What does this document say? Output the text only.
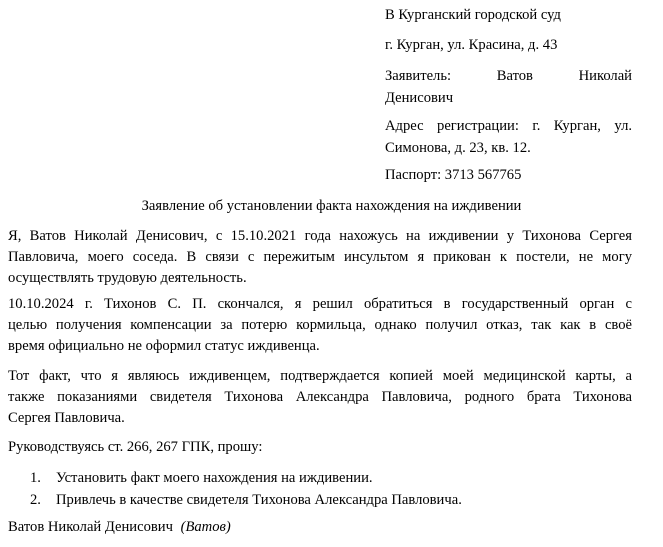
В Курганский городской суд
г. Курган, ул. Красина, д. 43
Заявитель:	Ватов	Николай
Денисович
Адрес регистрации: г. Курган, ул.
Симонова, д. 23, кв. 12.
Паспорт: 3713 567765
Заявление об установлении факта нахождения на иждивении
Я, Ватов Николай Денисович, с 15.10.2021 года нахожусь на иждивении у Тихонова Сергея
Павловича, моего соседа. В связи с пережитым инсультом я прикован к постели, не могу
осуществлять трудовую деятельность.
10.10.2024 г. Тихонов С. П. скончался, я решил обратиться в государственный орган с
целью получения компенсации за потерю кормильца, однако получил отказ, так как в своё
время официально не оформил статус иждивенца.
Тот факт, что я являюсь иждивенцем, подтверждается копией моей медицинской карты, а
также показаниями свидетеля Тихонова Александра Павловича, родного брата Тихонова
Сергея Павловича.
Руководствуясь ст. 266, 267 ГПК, прошу:
1.	Установить факт моего нахождения на иждивении.
2.	Привлечь в качестве свидетеля Тихонова Александра Павловича.
Ватов Николай Денисович (Ватов)
